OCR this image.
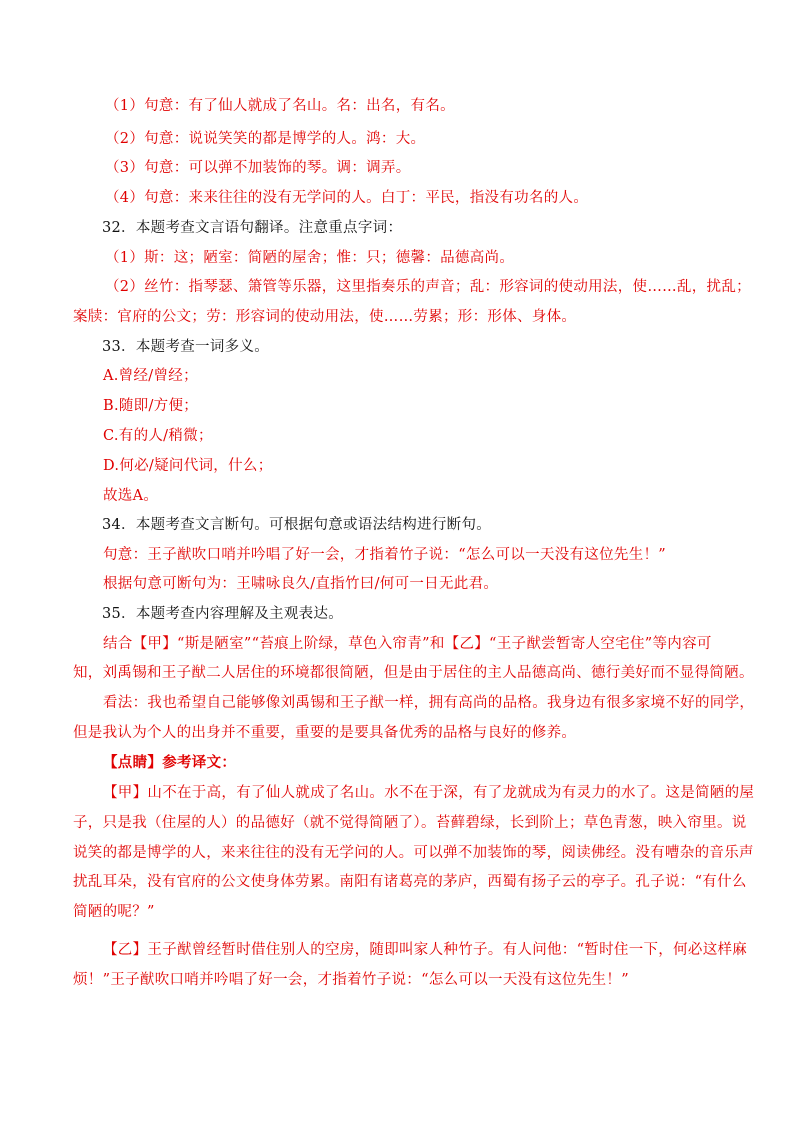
（1）句意：有了仙人就成了名山。名：出名，有名。
（2）句意：说说笑笑的都是博学的人。鸿：大。
（3）句意：可以弹不加装饰的琴。调：调弄。
（4）句意：来来往往的没有无学问的人。白丁：平民，指没有功名的人。
32．本题考查文言语句翻译。注意重点字词：
（1）斯：这；陋室：简陋的屋舍；惟：只；德馨：品德高尚。
（2）丝竹：指琴瑟、箫管等乐器，这里指奏乐的声音；乱：形容词的使动用法，使……乱，扰乱；
案牍：官府的公文；劳：形容词的使动用法，使……劳累；形：形体、身体。
33．本题考查一词多义。
A.曾经/曾经；
B.随即/方便；
C.有的人/稍微；
D.何必/疑问代词，什么；
故选A。
34．本题考查文言断句。可根据句意或语法结构进行断句。
句意：王子猷吹口哨并吟唱了好一会，才指着竹子说：“怎么可以一天没有这位先生！”
根据句意可断句为：王啸咏良久/直指竹曰/何可一日无此君。
35．本题考查内容理解及主观表达。
结合【甲】“斯是陋室”“苔痕上阶绿，草色入帘青”和【乙】“王子猷尝暂寄人空宅住”等内容可
知，刘禹锡和王子猷二人居住的环境都很简陋，但是由于居住的主人品德高尚、德行美好而不显得简陋。
看法：我也希望自己能够像刘禹锡和王子猷一样，拥有高尚的品格。我身边有很多家境不好的同学，
但是我认为个人的出身并不重要，重要的是要具备优秀的品格与良好的修养。
【点睛】参考译文：
【甲】山不在于高，有了仙人就成了名山。水不在于深，有了龙就成为有灵力的水了。这是简陋的屋
子，只是我（住屋的人）的品德好（就不觉得简陋了）。苔藓碧绿，长到阶上；草色青葱，映入帘里。说
说笑的都是博学的人，来来往往的没有无学问的人。可以弹不加装饰的琴，阅读佛经。没有嘈杂的音乐声
扰乱耳朵，没有官府的公文使身体劳累。南阳有诸葛亮的茅庐，西蜀有扬子云的亭子。孔子说：“有什么
简陋的呢？”
【乙】王子猷曾经暂时借住别人的空房，随即叫家人种竹子。有人问他：“暂时住一下，何必这样麻
烦！”王子猷吹口哨并吟唱了好一会，才指着竹子说：“怎么可以一天没有这位先生！”
